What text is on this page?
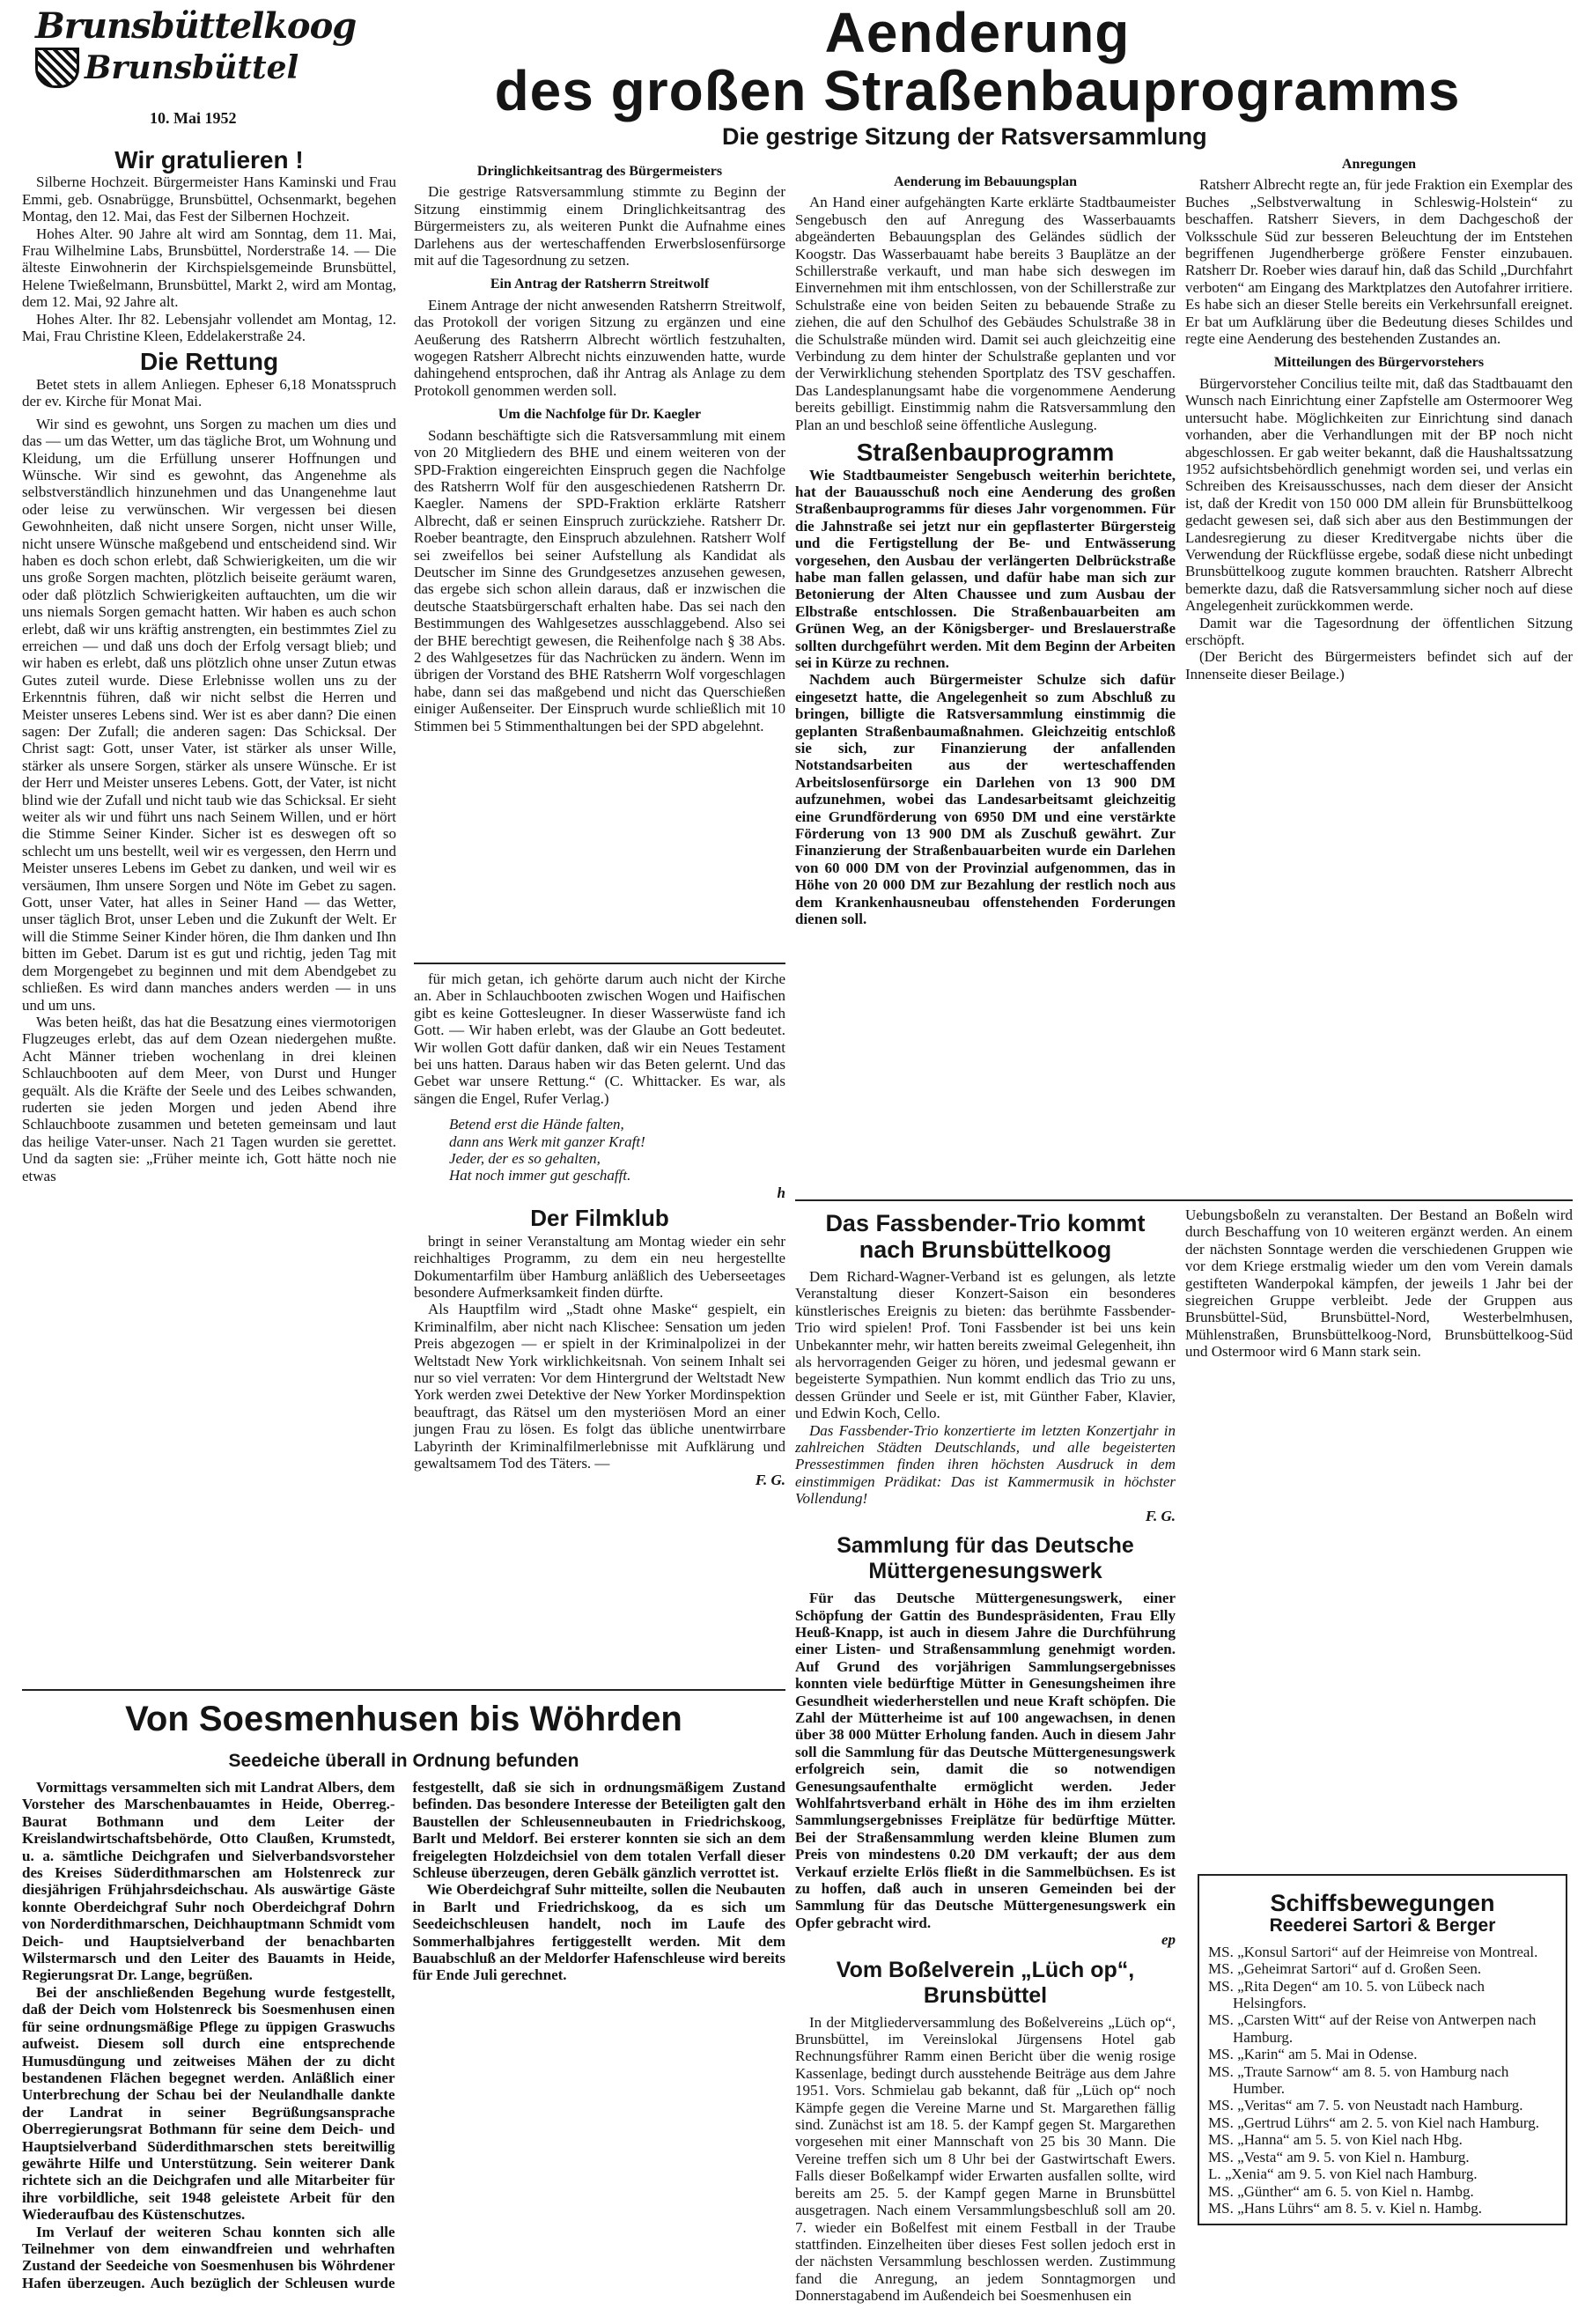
Brunsbüttelkoog
Brunsbüttel
10. Mai 1952
Aenderung
des großen Straßenbauprogramms
Die gestrige Sitzung der Ratsversammlung
Wir gratulieren !

Silberne Hochzeit. Bürgermeister Hans Kaminski und Frau Emmi, geb. Osnabrügge, Brunsbüttel, Ochsenmarkt, begehen Montag, den 12. Mai, das Fest der Silbernen Hochzeit.

Hohes Alter. 90 Jahre alt wird am Sonntag, dem 11. Mai, Frau Wilhelmine Labs, Brunsbüttel, Norderstraße 14. — Die älteste Einwohnerin der Kirchspielsgemeinde Brunsbüttel, Helene Twießelmann, Brunsbüttel, Markt 2, wird am Montag, dem 12. Mai, 92 Jahre alt.

Hohes Alter. Ihr 82. Lebensjahr vollendet am Montag, 12. Mai, Frau Christine Kleen, Eddelakerstraße 24.

Die Rettung

Betet stets in allem Anliegen. Epheser 6,18 Monatsspruch der ev. Kirche für Monat Mai.

Wir sind es gewohnt, uns Sorgen zu machen um dies und das — um das Wetter, um das tägliche Brot, um Wohnung und Kleidung, um die Erfüllung unserer Hoffnungen und Wünsche. Wir sind es gewohnt, das Angenehme als selbstverständlich hinzunehmen und das Unangenehme laut oder leise zu verwünschen. Wir vergessen bei diesen Gewohnheiten, daß nicht unsere Sorgen, nicht unser Wille, nicht unsere Wünsche maßgebend und entscheidend sind. Wir haben es doch schon erlebt, daß Schwierigkeiten, um die wir uns große Sorgen machten, plötzlich beiseite geräumt waren, oder daß plötzlich Schwierigkeiten auftauchten, um die wir uns niemals Sorgen gemacht hatten. Wir haben es auch schon erlebt, daß wir uns kräftig anstrengten, ein bestimmtes Ziel zu erreichen — und daß uns doch der Erfolg versagt blieb; und wir haben es erlebt, daß uns plötzlich ohne unser Zutun etwas Gutes zuteil wurde. Diese Erlebnisse wollen uns zu der Erkenntnis führen, daß wir nicht selbst die Herren und Meister unseres Lebens sind. Wer ist es aber dann? Die einen sagen: Der Zufall; die anderen sagen: Das Schicksal. Der Christ sagt: Gott, unser Vater, ist stärker als unser Wille, stärker als unsere Sorgen, stärker als unsere Wünsche. Er ist der Herr und Meister unseres Lebens. Gott, der Vater, ist nicht blind wie der Zufall und nicht taub wie das Schicksal. Er sieht weiter als wir und führt uns nach Seinem Willen, und er hört die Stimme Seiner Kinder. Sicher ist es deswegen oft so schlecht um uns bestellt, weil wir es vergessen, den Herrn und Meister unseres Lebens im Gebet zu danken, und weil wir es versäumen, Ihm unsere Sorgen und Nöte im Gebet zu sagen. Gott, unser Vater, hat alles in Seiner Hand — das Wetter, unser täglich Brot, unser Leben und die Zukunft der Welt. Er will die Stimme Seiner Kinder hören, die Ihm danken und Ihn bitten im Gebet. Darum ist es gut und richtig, jeden Tag mit dem Morgengebet zu beginnen und mit dem Abendgebet zu schließen. Es wird dann manches anders werden — in uns und um uns.

Was beten heißt, das hat die Besatzung eines viermotorigen Flugzeuges erlebt, das auf dem Ozean niedergehen mußte. Acht Männer trieben wochenlang in drei kleinen Schlauchbooten auf dem Meer, von Durst und Hunger gequält. Als die Kräfte der Seele und des Leibes schwanden, ruderten sie jeden Morgen und jeden Abend ihre Schlauchboote zusammen und beteten gemeinsam und laut das heilige Vater-unser. Nach 21 Tagen wurden sie gerettet. Und da sagten sie: „Früher meinte ich, Gott hätte noch nie etwas

Dringlichkeitsantrag des Bürgermeisters

Die gestrige Ratsversammlung stimmte zu Beginn der Sitzung einstimmig einem Dringlichkeitsantrag des Bürgermeisters zu, als weiteren Punkt die Aufnahme eines Darlehens aus der werteschaffenden Erwerbslosenfürsorge mit auf die Tagesordnung zu setzen.

Ein Antrag der Ratsherrn Streitwolf

Einem Antrage der nicht anwesenden Ratsherrn Streitwolf, das Protokoll der vorigen Sitzung zu ergänzen und eine Aeußerung des Ratsherrn Albrecht wörtlich festzuhalten, wogegen Ratsherr Albrecht nichts einzuwenden hatte, wurde dahingehend entsprochen, daß ihr Antrag als Anlage zu dem Protokoll genommen werden soll.

Um die Nachfolge für Dr. Kaegler

Sodann beschäftigte sich die Ratsversammlung mit einem von 20 Mitgliedern des BHE und einem weiteren von der SPD-Fraktion eingereichten Einspruch gegen die Nachfolge des Ratsherrn Wolf für den ausgeschiedenen Ratsherrn Dr. Kaegler. Namens der SPD-Fraktion erklärte Ratsherr Albrecht, daß er seinen Einspruch zurückziehe. Ratsherr Dr. Roeber beantragte, den Einspruch abzulehnen. Ratsherr Wolf sei zweifellos bei seiner Aufstellung als Kandidat als Deutscher im Sinne des Grundgesetzes anzusehen gewesen, das ergebe sich schon allein daraus, daß er inzwischen die deutsche Staatsbürgerschaft erhalten habe. Das sei nach den Bestimmungen des Wahlgesetzes ausschlaggebend. Also sei der BHE berechtigt gewesen, die Reihenfolge nach § 38 Abs. 2 des Wahlgesetzes für das Nachrücken zu ändern. Wenn im übrigen der Vorstand des BHE Ratsherrn Wolf vorgeschlagen habe, dann sei das maßgebend und nicht das Querschießen einiger Außenseiter. Der Einspruch wurde schließlich mit 10 Stimmen bei 5 Stimmenthaltungen bei der SPD abgelehnt.

für mich getan, ich gehörte darum auch nicht der Kirche an. Aber in Schlauchbooten zwischen Wogen und Haifischen gibt es keine Gottesleugner. In dieser Wasserwüste fand ich Gott. — Wir haben erlebt, was der Glaube an Gott bedeutet. Wir wollen Gott dafür danken, daß wir ein Neues Testament bei uns hatten. Daraus haben wir das Beten gelernt. Und das Gebet war unsere Rettung.“ (C. Whittacker. Es war, als sängen die Engel, Rufer Verlag.)

Betend erst die Hände falten,

dann ans Werk mit ganzer Kraft!

Jeder, der es so gehalten,

Hat noch immer gut geschafft.

h

Der Filmklub

bringt in seiner Veranstaltung am Montag wieder ein sehr reichhaltiges Programm, zu dem ein neu hergestellte Dokumentarfilm über Hamburg anläßlich des Ueberseetages besondere Aufmerksamkeit finden dürfte.

Als Hauptfilm wird „Stadt ohne Maske“ gespielt, ein Kriminalfilm, aber nicht nach Klischee: Sensation um jeden Preis abgezogen — er spielt in der Kriminalpolizei in der Weltstadt New York wirklichkeitsnah. Von seinem Inhalt sei nur so viel verraten: Vor dem Hintergrund der Weltstadt New York werden zwei Detektive der New Yorker Mordinspektion beauftragt, das Rätsel um den mysteriösen Mord an einer jungen Frau zu lösen. Es folgt das übliche unentwirrbare Labyrinth der Kriminalfilmerlebnisse mit Aufklärung und gewaltsamem Tod des Täters. —

F. G.

Aenderung im Bebauungsplan

An Hand einer aufgehängten Karte erklärte Stadtbaumeister Sengebusch den auf Anregung des Wasserbauamts abgeänderten Bebauungsplan des Geländes südlich der Koogstr. Das Wasserbauamt habe bereits 3 Bauplätze an der Schillerstraße verkauft, und man habe sich deswegen im Einvernehmen mit ihm entschlossen, von der Schillerstraße zur Schulstraße eine von beiden Seiten zu bebauende Straße zu ziehen, die auf den Schulhof des Gebäudes Schulstraße 38 in die Schulstraße münden wird. Damit sei auch gleichzeitig eine Verbindung zu dem hinter der Schulstraße geplanten und vor der Verwirklichung stehenden Sportplatz des TSV geschaffen. Das Landesplanungsamt habe die vorgenommene Aenderung bereits gebilligt. Einstimmig nahm die Ratsversammlung den Plan an und beschloß seine öffentliche Auslegung.

Straßenbauprogramm

Wie Stadtbaumeister Sengebusch weiterhin berichtete, hat der Bauausschuß noch eine Aenderung des großen Straßenbauprogramms für dieses Jahr vorgenommen. Für die Jahnstraße sei jetzt nur ein gepflasterter Bürgersteig und die Fertigstellung der Be- und Entwässerung vorgesehen, den Ausbau der verlängerten Delbrückstraße habe man fallen gelassen, und dafür habe man sich zur Betonierung der Alten Chaussee und zum Ausbau der Elbstraße entschlossen. Die Straßenbauarbeiten am Grünen Weg, an der Königsberger- und Breslauerstraße sollten durchgeführt werden. Mit dem Beginn der Arbeiten sei in Kürze zu rechnen.

Nachdem auch Bürgermeister Schulze sich dafür eingesetzt hatte, die Angelegenheit so zum Abschluß zu bringen, billigte die Ratsversammlung einstimmig die geplanten Straßenbaumaßnahmen. Gleichzeitig entschloß sie sich, zur Finanzierung der anfallenden Notstandsarbeiten aus der werteschaffenden Arbeitslosenfürsorge ein Darlehen von 13 900 DM aufzunehmen, wobei das Landesarbeitsamt gleichzeitig eine Grundförderung von 6950 DM und eine verstärkte Förderung von 13 900 DM als Zuschuß gewährt. Zur Finanzierung der Straßenbauarbeiten wurde ein Darlehen von 60 000 DM von der Provinzial aufgenommen, das in Höhe von 20 000 DM zur Bezahlung der restlich noch aus dem Krankenhausneubau offenstehenden Forderungen dienen soll.

Anregungen

Ratsherr Albrecht regte an, für jede Fraktion ein Exemplar des Buches „Selbstverwaltung in Schleswig-Holstein“ zu beschaffen. Ratsherr Sievers, in dem Dachgeschoß der Volksschule Süd zur besseren Beleuchtung der im Entstehen begriffenen Jugendherberge größere Fenster einzubauen. Ratsherr Dr. Roeber wies darauf hin, daß das Schild „Durchfahrt verboten“ am Eingang des Marktplatzes den Autofahrer irritiere. Es habe sich an dieser Stelle bereits ein Verkehrsunfall ereignet. Er bat um Aufklärung über die Bedeutung dieses Schildes und regte eine Aenderung des bestehenden Zustandes an.

Mitteilungen des Bürgervorstehers

Bürgervorsteher Concilius teilte mit, daß das Stadtbauamt den Wunsch nach Einrichtung einer Zapfstelle am Ostermoorer Weg untersucht habe. Möglichkeiten zur Einrichtung sind danach vorhanden, aber die Verhandlungen mit der BP noch nicht abgeschlossen. Er gab weiter bekannt, daß die Haushaltssatzung 1952 aufsichtsbehördlich genehmigt worden sei, und verlas ein Schreiben des Kreisausschusses, nach dem dieser der Ansicht ist, daß der Kredit von 150 000 DM allein für Brunsbüttelkoog gedacht gewesen sei, daß sich aber aus den Bestimmungen der Landesregierung zu dieser Kreditvergabe nichts über die Verwendung der Rückflüsse ergebe, sodaß diese nicht unbedingt Brunsbüttelkoog zugute kommen brauchten. Ratsherr Albrecht bemerkte dazu, daß die Ratsversammlung sicher noch auf diese Angelegenheit zurückkommen werde.

Damit war die Tagesordnung der öffentlichen Sitzung erschöpft.

(Der Bericht des Bürgermeisters befindet sich auf der Innenseite dieser Beilage.)

Von Soesmenhusen bis Wöhrden
Seedeiche überall in Ordnung befunden

Vormittags versammelten sich mit Landrat Albers, dem Vorsteher des Marschenbauamtes in Heide, Oberreg.-Baurat Bothmann und dem Leiter der Kreislandwirtschaftsbehörde, Otto Claußen, Krumstedt, u. a. sämtliche Deichgrafen und Sielverbandsvorsteher des Kreises Süderdithmarschen am Holstenreck zur diesjährigen Frühjahrsdeichschau. Als auswärtige Gäste konnte Oberdeichgraf Suhr noch Oberdeichgraf Dohrn von Norderdithmarschen, Deichhauptmann Schmidt vom Deich- und Hauptsielverband der benachbarten Wilstermarsch und den Leiter des Bauamts in Heide, Regierungsrat Dr. Lange, begrüßen.

Bei der anschließenden Begehung wurde festgestellt, daß der Deich vom Holstenreck bis Soesmenhusen einen für seine ordnungsmäßige Pflege zu üppigen Graswuchs aufweist. Diesem soll durch eine entsprechende Humusdüngung und zeitweises Mähen der zu dicht bestandenen Flächen begegnet werden. Anläßlich einer Unterbrechung der Schau bei der Neulandhalle dankte der Landrat in seiner Begrüßungsansprache Oberregierungsrat Bothmann für seine dem Deich- und Hauptsielverband Süderdithmarschen stets bereitwillig gewährte Hilfe und Unterstützung. Sein weiterer Dank richtete sich an die Deichgrafen und alle Mitarbeiter für ihre vorbildliche, seit 1948 geleistete Arbeit für den Wiederaufbau des Küstenschutzes.

Im Verlauf der weiteren Schau konnten sich alle Teilnehmer von dem einwandfreien und wehrhaften Zustand der Seedeiche von Soesmenhusen bis Wöhrdener Hafen überzeugen. Auch bezüglich der Schleusen wurde festgestellt, daß sie sich in ordnungsmäßigem Zustand befinden. Das besondere Interesse der Beteiligten galt den Baustellen der Schleusenneubauten in Friedrichskoog, Barlt und Meldorf. Bei ersterer konnten sie sich an dem freigelegten Holzdeichsiel von dem totalen Verfall dieser Schleuse überzeugen, deren Gebälk gänzlich verrottet ist.

Wie Oberdeichgraf Suhr mitteilte, sollen die Neubauten in Barlt und Friedrichskoog, da es sich um Seedeichschleusen handelt, noch im Laufe des Sommerhalbjahres fertiggestellt werden. Mit dem Bauabschluß an der Meldorfer Hafenschleuse wird bereits für Ende Juli gerechnet.

Das Fassbender-Trio kommt nach Brunsbüttelkoog

Dem Richard-Wagner-Verband ist es gelungen, als letzte Veranstaltung dieser Konzert-Saison ein besonderes künstlerisches Ereignis zu bieten: das berühmte Fassbender-Trio wird spielen! Prof. Toni Fassbender ist bei uns kein Unbekannter mehr, wir hatten bereits zweimal Gelegenheit, ihn als hervorragenden Geiger zu hören, und jedesmal gewann er begeisterte Sympathien. Nun kommt endlich das Trio zu uns, dessen Gründer und Seele er ist, mit Günther Faber, Klavier, und Edwin Koch, Cello.

Das Fassbender-Trio konzertierte im letzten Konzertjahr in zahlreichen Städten Deutschlands, und alle begeisterten Pressestimmen finden ihren höchsten Ausdruck in dem einstimmigen Prädikat: Das ist Kammermusik in höchster Vollendung!

F. G.

Sammlung für das Deutsche Müttergenesungswerk

Für das Deutsche Müttergenesungswerk, einer Schöpfung der Gattin des Bundespräsidenten, Frau Elly Heuß-Knapp, ist auch in diesem Jahre die Durchführung einer Listen- und Straßensammlung genehmigt worden. Auf Grund des vorjährigen Sammlungsergebnisses konnten viele bedürftige Mütter in Genesungsheimen ihre Gesundheit wiederherstellen und neue Kraft schöpfen. Die Zahl der Mütterheime ist auf 100 angewachsen, in denen über 38 000 Mütter Erholung fanden. Auch in diesem Jahr soll die Sammlung für das Deutsche Müttergenesungswerk erfolgreich sein, damit die so notwendigen Genesungsaufenthalte ermöglicht werden. Jeder Wohlfahrtsverband erhält in Höhe des im ihm erzielten Sammlungsergebnisses Freiplätze für bedürftige Mütter. Bei der Straßensammlung werden kleine Blumen zum Preis von mindestens 0.20 DM verkauft; der aus dem Verkauf erzielte Erlös fließt in die Sammelbüchsen. Es ist zu hoffen, daß auch in unseren Gemeinden bei der Sammlung für das Deutsche Müttergenesungswerk ein Opfer gebracht wird.

ep

Vom Boßelverein „Lüch op“, Brunsbüttel

In der Mitgliederversammlung des Boßelvereins „Lüch op“, Brunsbüttel, im Vereinslokal Jürgensens Hotel gab Rechnungsführer Ramm einen Bericht über die wenig rosige Kassenlage, bedingt durch ausstehende Beiträge aus dem Jahre 1951. Vors. Schmielau gab bekannt, daß für „Lüch op“ noch Kämpfe gegen die Vereine Marne und St. Margarethen fällig sind. Zunächst ist am 18. 5. der Kampf gegen St. Margarethen vorgesehen mit einer Mannschaft von 25 bis 30 Mann. Die Vereine treffen sich um 8 Uhr bei der Gastwirtschaft Ewers. Falls dieser Boßelkampf wider Erwarten ausfallen sollte, wird bereits am 25. 5. der Kampf gegen Marne in Brunsbüttel ausgetragen. Nach einem Versammlungsbeschluß soll am 20. 7. wieder ein Boßelfest mit einem Festball in der Traube stattfinden. Einzelheiten über dieses Fest sollen jedoch erst in der nächsten Versammlung beschlossen werden. Zustimmung fand die Anregung, an jedem Sonntagmorgen und Donnerstagabend im Außendeich bei Soesmenhusen ein

Uebungsboßeln zu veranstalten. Der Bestand an Boßeln wird durch Beschaffung von 10 weiteren ergänzt werden. An einem der nächsten Sonntage werden die verschiedenen Gruppen wie vor dem Kriege erstmalig wieder um den vom Verein damals gestifteten Wanderpokal kämpfen, der jeweils 1 Jahr bei der siegreichen Gruppe verbleibt. Jede der Gruppen aus Brunsbüttel-Süd, Brunsbüttel-Nord, Westerbelmhusen, Mühlenstraßen, Brunsbüttelkoog-Nord, Brunsbüttelkoog-Süd und Ostermoor wird 6 Mann stark sein.

Schiffsbewegungen
Reederei Sartori & Berger

MS. „Konsul Sartori“ auf der Heimreise von Montreal.

MS. „Geheimrat Sartori“ auf d. Großen Seen.

MS. „Rita Degen“ am 10. 5. von Lübeck nach Helsingfors.

MS. „Carsten Witt“ auf der Reise von Antwerpen nach Hamburg.

MS. „Karin“ am 5. Mai in Odense.

MS. „Traute Sarnow“ am 8. 5. von Hamburg nach Humber.

MS. „Veritas“ am 7. 5. von Neustadt nach Hamburg.

MS. „Gertrud Lührs“ am 2. 5. von Kiel nach Hamburg.

MS. „Hanna“ am 5. 5. von Kiel nach Hbg.

MS. „Vesta“ am 9. 5. von Kiel n. Hamburg.

L. „Xenia“ am 9. 5. von Kiel nach Hamburg.

MS. „Günther“ am 6. 5. von Kiel n. Hambg.

MS. „Hans Lührs“ am 8. 5. v. Kiel n. Hambg.
